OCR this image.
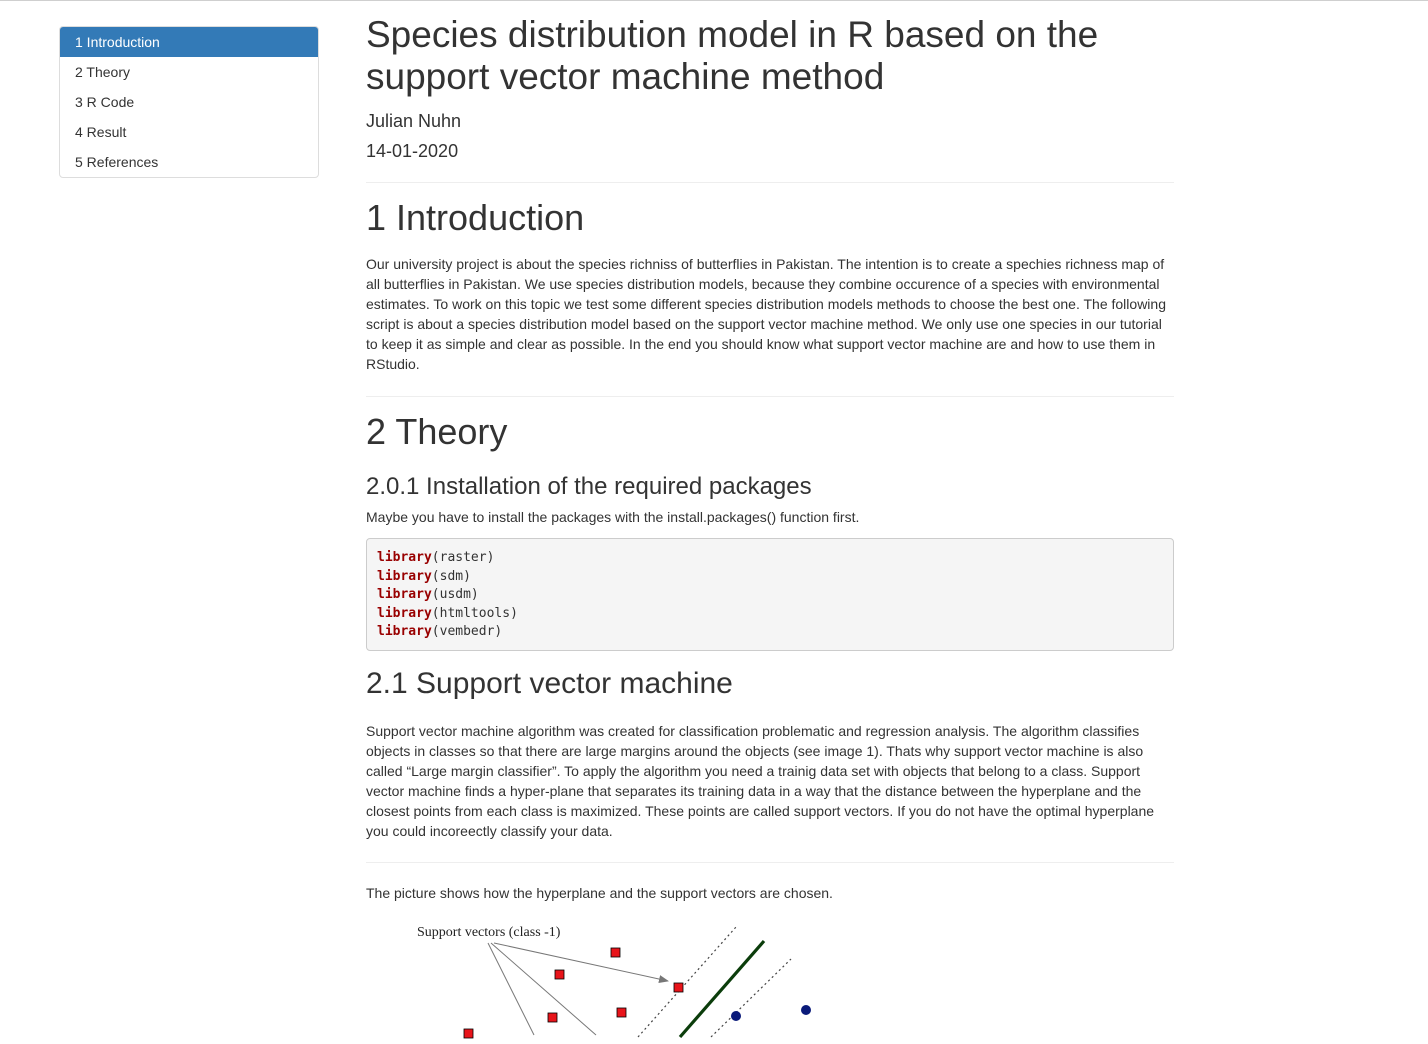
1 Introduction
2 Theory
3 R Code
4 Result
5 References
Species distribution model in R based on the support vector machine method
Julian Nuhn
14-01-2020
1 Introduction

Our university project is about the species richniss of butterflies in Pakistan. The intention is to create a spechies richness map of all butterflies in Pakistan. We use species distribution models, because they combine occurence of a species with environmental estimates. To work on this topic we test some different species distribution models methods to choose the best one. The following script is about a species distribution model based on the support vector machine method. We only use one species in our tutorial to keep it as simple and clear as possible. In the end you should know what support vector machine are and how to use them in RStudio.

2 Theory
2.0.1 Installation of the required packages

Maybe you have to install the packages with the install.packages() function first.

library(raster)
library(sdm)
library(usdm)
library(htmltools)
library(vembedr)
2.1 Support vector machine

Support vector machine algorithm was created for classification problematic and regression analysis. The algorithm classifies objects in classes so that there are large margins around the objects (see image 1). Thats why support vector machine is also called “Large margin classifier”. To apply the algorithm you need a trainig data set with objects that belong to a class. Support vector machine finds a hyper-plane that separates its training data in a way that the distance between the hyperplane and the closest points from each class is maximized. These points are called support vectors. If you do not have the optimal hyperplane you could incoreectly classify your data.

The picture shows how the hyperplane and the support vectors are chosen.

Support vectors (class -1)
